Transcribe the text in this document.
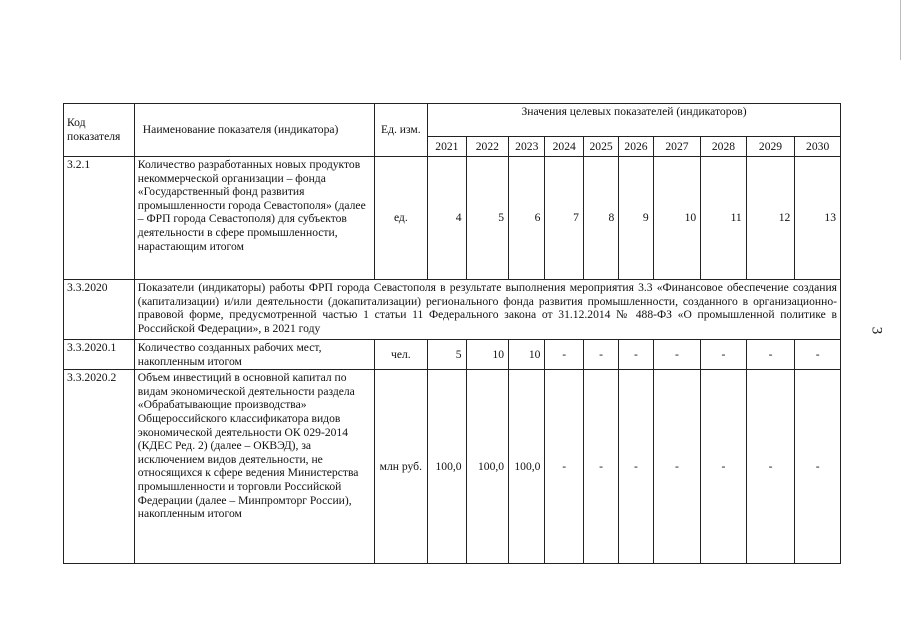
Код показателя	Наименование показателя (индикатора)	Ед. изм.	Значения целевых показателей (индикаторов)									
			2021	2022	2023	2024	2025	2026	2027	2028	2029	2030
3.2.1	Количество разработанных новых продуктов некоммерческой организации – фонда «Государственный фонд развития промышленности города Севастополя» (далее – ФРП города Севастополя) для субъектов деятельности в сфере промышленности, нарастающим итогом	ед.	4	5	6	7	8	9	10	11	12	13
3.3.2020	Показатели (индикаторы) работы ФРП города Севастополя в результате выполнения мероприятия 3.3 «Финансовое обеспечение создания (капитализации) и/или деятельности (докапитализации) регионального фонда развития промышленности, созданного в организационно-правовой форме, предусмотренной частью 1 статьи 11 Федерального закона от 31.12.2014 № 488-ФЗ «О промышленной политике в Российской Федерации», в 2021 году											
3.3.2020.1	Количество созданных рабочих мест, накопленным итогом	чел.	5	10	10	-	-	-	-	-	-	-
3.3.2020.2	Объем инвестиций в основной капитал по видам экономической деятельности раздела «Обрабатывающие производства» Общероссийского классификатора видов экономической деятельности ОК 029-2014 (КДЕС Ред. 2) (далее – ОКВЭД), за исключением видов деятельности, не относящихся к сфере ведения Министерства промышленности и торговли Российской Федерации (далее – Минпромторг России), накопленным итогом	млн руб.	100,0	100,0	100,0	-	-	-	-	-	-	-
3
